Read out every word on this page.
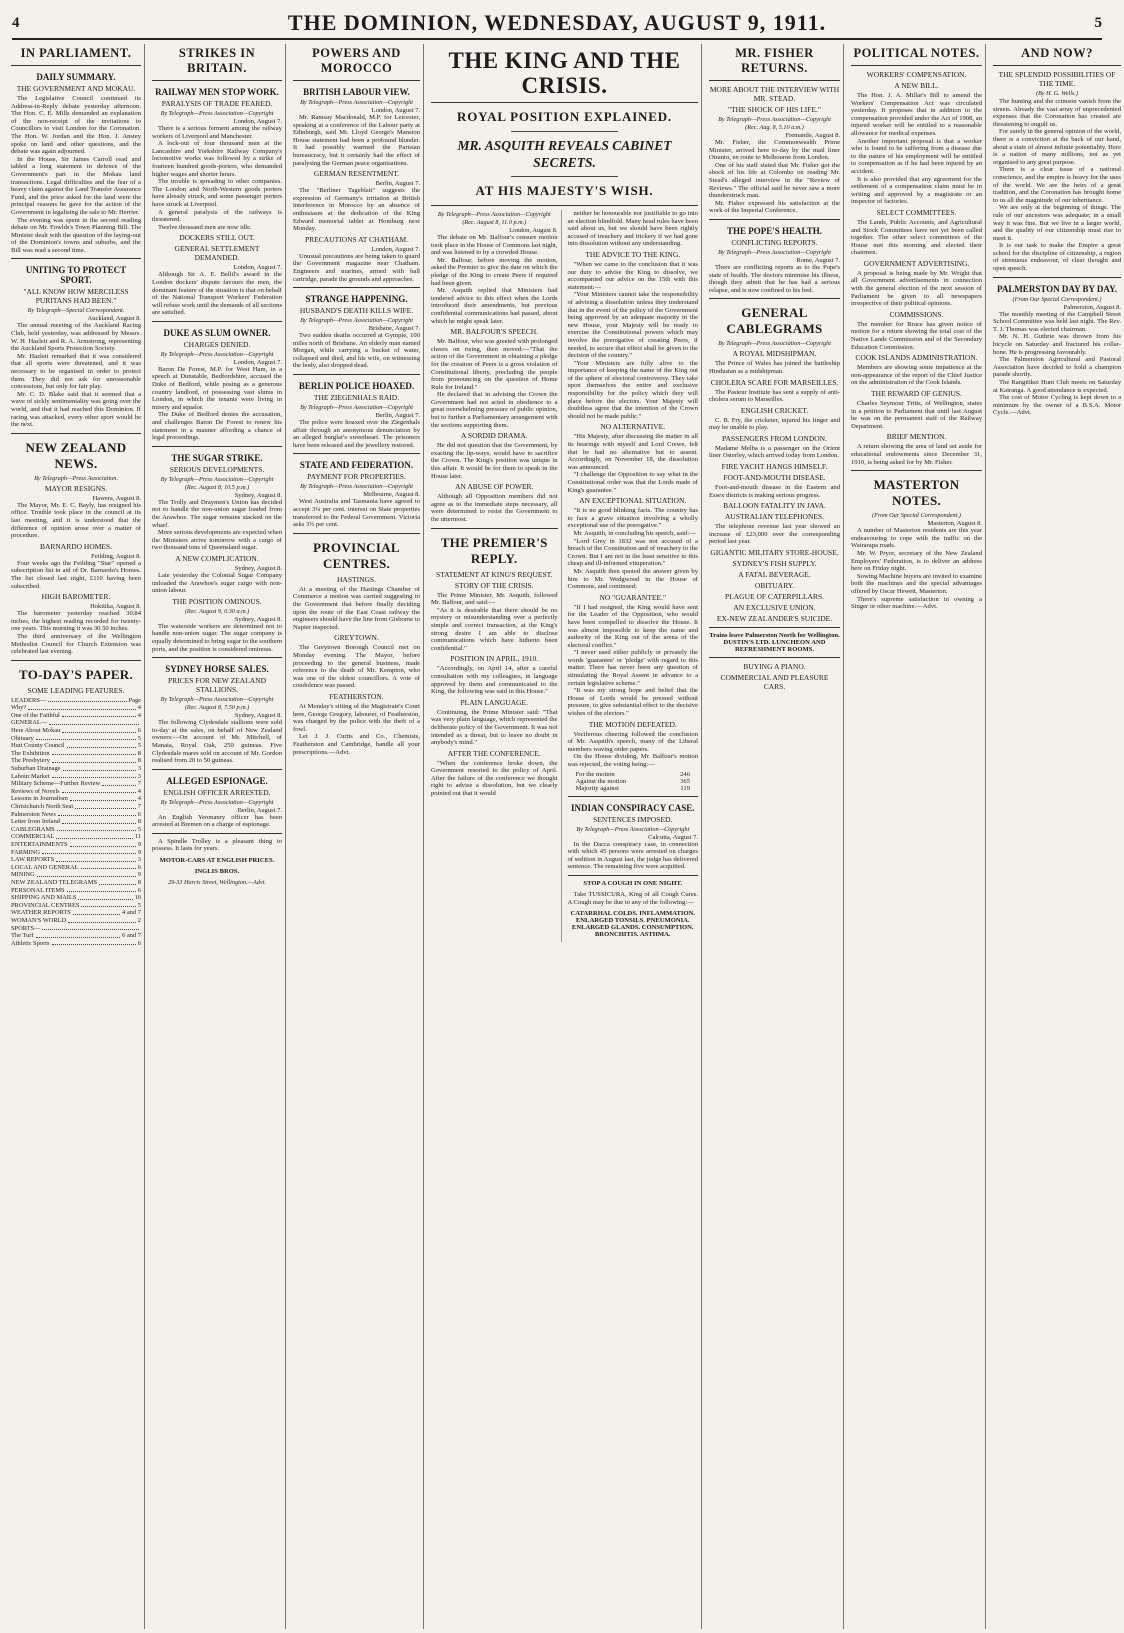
4	THE DOMINION, WEDNESDAY, AUGUST 9, 1911.	5
IN PARLIAMENT.
DAILY SUMMARY.
THE GOVERNMENT AND MOKAU.

The Legislative Council continued its Address-in-Reply debate yesterday afternoon. The Hon. C. E. Mills demanded an explanation of the non-receipt of the invitations to Councillors to visit London for the Coronation. The Hon. W. Jordan and the Hon. J. Anstey spoke on land and other questions, and the debate was again adjourned.

In the House, Sir James Carroll read and tabled a long statement in defence of the Government's part in the Mokau land transactions. Legal difficulties and the fear of a heavy claim against the Land Transfer Assurance Fund, and the price asked for the land were the principal reasons he gave for the action of the Government in legalising the sale to Mr. Herrier.

The evening was spent in the second reading debate on Mr. Fowlds's Town Planning Bill. The Minister dealt with the question of the laying-out of the Dominion's towns and suburbs, and the Bill was read a second time.

UNITING TO PROTECT SPORT.
"ALL KNOW HOW MERCILESS PURITANS HAD BEEN."
By Telegraph—Special Correspondent.
Auckland, August 8.

The annual meeting of the Auckland Racing Club, held yesterday, was addressed by Messrs. W. H. Hazlett and R. A. Armstrong, representing the Auckland Sports Protection Society.

Mr. Hazlett remarked that it was considered that all sports were threatened, and it was necessary to be organised in order to protect them. They did not ask for unreasonable concessions, but only for fair play.

Mr. C. D. Blake said that it seemed that a wave of sickly sentimentality was going over the world, and that it had reached this Dominion. If racing was attacked, every other sport would be the next.

NEW ZEALAND NEWS.
By Telegraph—Press Association.
MAYOR RESIGNS.
Hawera, August 8.

The Mayor, Mr. E. C. Bayly, has resigned his office. Trouble took place in the council at its last meeting, and it is understood that the difference of opinion arose over a matter of procedure.

BARNARDO HOMES.
Feilding, August 8.

Four weeks ago the Feilding "Star" opened a subscription list in aid of Dr. Barnardo's Homes. The list closed last night, £110 having been subscribed.

HIGH BAROMETER.
Hokitika, August 8.

The barometer yesterday reached 30.84 inches, the highest reading recorded for twenty-one years. This morning it was 30.50 inches.

The third anniversary of the Wellington Methodist Council for Church Extension was celebrated last evening.

TO-DAY'S PAPER.
SOME LEADING FEATURES.
LEADERS—	Page
Why?	4
One of the Faithful	4
GENERAL—
Here About Mokau	6
Obituary	5
Hutt County Council	5
The Exhibition	8
The Presbytery	8
Suburban Drainage	3
Labour Market	3
Military Scheme—Further Review	7
Reviews of Novels	4
Lessons in Journalism	4
Christchurch North Seat	7
Palmerston News	6
Letter from Ireland	8
CABLEGRAMS	5
COMMERCIAL	11
ENTERTAINMENTS	9
FARMING	9
LAW REPORTS	3
LOCAL AND GENERAL	6
MINING	9
NEW ZEALAND TELEGRAMS	8
PERSONAL ITEMS	6
SHIPPING AND MAILS	10
PROVINCIAL CENTRES	5
WEATHER REPORTS	4 and 7
WOMAN'S WORLD	2
SPORTS—
The Turf	6 and 7
Athletic Sports	6
STRIKES IN BRITAIN.
RAILWAY MEN STOP WORK.
PARALYSIS OF TRADE FEARED.
By Telegraph—Press Association—Copyright
London, August 7.

There is a serious ferment among the railway workers of Liverpool and Manchester.

A lock-out of four thousand men at the Lancashire and Yorkshire Railway Company's locomotive works was followed by a strike of fourteen hundred goods-porters, who demanded higher wages and shorter hours.

The trouble is spreading to other companies. The London and North-Western goods porters have already struck, and some passenger porters have struck at Liverpool.

A general paralysis of the railways is threatened.

Twelve thousand men are now idle.

DOCKERS STILL OUT.
GENERAL SETTLEMENT DEMANDED.
London, August 7.

Although Sir A. E. Bellil's award in the London dockers' dispute favours the men, the dominant feature of the situation is that on behalf of the National Transport Workers' Federation will refuse work until the demands of all sections are satisfied.

DUKE AS SLUM OWNER.
CHARGES DENIED.
By Telegraph—Press Association—Copyright
London, August 7.

Baron De Forest, M.P. for West Ham, in a speech at Dunstable, Bedfordshire, accused the Duke of Bedford, while posing as a generous country landlord, of possessing vast slums in London, in which the tenants were living in misery and squalor.

The Duke of Bedford denies the accusation, and challenges Baron De Forest to renew his statement in a manner affording a chance of legal proceedings.

THE SUGAR STRIKE.
SERIOUS DEVELOPMENTS.
By Telegraph—Press Association—Copyright
(Rec. August 8, 10.5 p.m.)
Sydney, August 8.

The Trolly and Draymen's Union has decided not to handle the non-union sugar loaded from the Arawhoe. The sugar remains stacked on the wharf.

More serious developments are expected when the Ministers arrive tomorrow with a cargo of two thousand tons of Queensland sugar.

A NEW COMPLICATION.
Sydney, August 8.

Late yesterday the Colonial Sugar Company unloaded the Arawhoe's sugar cargo with non-union labour.

THE POSITION OMINOUS.
(Rec. August 9, 0.30 a.m.)
Sydney, August 8.

The waterside workers are determined not to handle non-union sugar. The sugar company is equally determined to bring sugar to the southern ports, and the position is considered ominous.

SYDNEY HORSE SALES.
PRICES FOR NEW ZEALAND STALLIONS.
By Telegraph—Press Association—Copyright
(Rec. August 8, 7.50 p.m.)
Sydney, August 8.

The following Clydesdale stallions were sold to-day at the sales, on behalf of New Zealand owners:—On account of Mr. Mitchell, of Manaia, Royal Oak, 250 guineas. Five Clydesdale mares sold on account of Mr. Gordon realised from 20 to 50 guineas.

ALLEGED ESPIONAGE.
ENGLISH OFFICER ARRESTED.
By Telegraph—Press Association—Copyright
Berlin, August 7.

An English Yeomanry officer has been arrested at Bremen on a charge of espionage.

A Spindle Trolley is a pleasant thing to possess. It lasts for years.

MOTOR-CARS AT ENGLISH PRICES.
INGLIS BROS.
29-33 Harris Street, Wellington.—Advt.
POWERS AND MOROCCO
BRITISH LABOUR VIEW.
By Telegraph—Press Association—Copyright
London, August 7.

Mr. Ramsay Macdonald, M.P. for Leicester, speaking at a conference of the Labour party at Edinburgh, said Mr. Lloyd George's Mansion House statement had been a profound blunder. It had possibly warmed the Parisian bureaucracy, but it certainly had the effect of paralysing the German peace organisations.

GERMAN RESENTMENT.
Berlin, August 7.

The "Berliner Tageblatt" suggests the expression of Germany's irritation at British interference in Morocco by an absence of enthusiasm at the dedication of the King Edward memorial tablet at Homburg next Monday.

PRECAUTIONS AT CHATHAM.
London, August 7.

Unusual precautions are being taken to guard the Government magazine near Chatham. Engineers and marines, armed with ball cartridge, parade the grounds and approaches.

STRANGE HAPPENING.
HUSBAND'S DEATH KILLS WIFE.
By Telegraph—Press Association—Copyright
Brisbane, August 7.

Two sudden deaths occurred at Gympie, 100 miles north of Brisbane. An elderly man named Morgan, while carrying a bucket of water, collapsed and died, and his wife, on witnessing the body, also dropped dead.

BERLIN POLICE HOAXED.
THE ZIEGENHALS RAID.
By Telegraph—Press Association—Copyright
Berlin, August 7.

The police were hoaxed over the Ziegenhals affair through an anonymous denunciation by an alleged burglar's sweetheart. The prisoners have been released and the jewellery restored.

STATE AND FEDERATION.
PAYMENT FOR PROPERTIES.
By Telegraph—Press Association—Copyright
Melbourne, August 8.

West Australia and Tasmania have agreed to accept 3¼ per cent. interest on State properties transferred to the Federal Government. Victoria asks 3½ per cent.

PROVINCIAL CENTRES.
HASTINGS.

At a meeting of the Hastings Chamber of Commerce a motion was carried suggesting to the Government that before finally deciding upon the route of the East Coast railway the engineers should have the line from Gisborne to Napier inspected.

GREYTOWN.

The Greytown Borough Council met on Monday evening. The Mayor, before proceeding to the general business, made reference to the death of Mr. Kempton, who was one of the oldest councillors. A vote of condolence was passed.

FEATHERSTON.

At Monday's sitting of the Magistrate's Court here, George Gregory, labourer, of Featherston, was charged by the police with the theft of a fowl.

Let J. J. Curtis and Co., Chemists, Featherston and Cambridge, handle all your prescriptions.—Advt.

THE KING AND THE CRISIS.
ROYAL POSITION EXPLAINED.
MR. ASQUITH REVEALS CABINET SECRETS.
AT HIS MAJESTY'S WISH.
By Telegraph—Press Association—Copyright
(Rec. August 8, 11.0 p.m.)
London, August 8.

The debate on Mr. Balfour's censure motion took place in the House of Commons last night, and was listened to by a crowded House.

Mr. Balfour, before moving the motion, asked the Premier to give the date on which the pledge of the King to create Peers if required had been given.

Mr. Asquith replied that Ministers had tendered advice to this effect when the Lords introduced their amendments, but previous confidential communications had passed, about which he might speak later.

MR. BALFOUR'S SPEECH.

Mr. Balfour, who was greeted with prolonged cheers on rising, then moved:—"That the action of the Government in obtaining a pledge for the creation of Peers is a gross violation of Constitutional liberty, precluding the people from pronouncing on the question of Home Rule for Ireland."

He declared that in advising the Crown the Government had not acted in obedience to a great overwhelming pressure of public opinion, but to further a Parliamentary arrangement with the sections supporting them.

A SORDID DRAMA.

He did not question that the Government, by exacting the lip-ways, would have to sacrifice the Crown. The King's position was unique in this affair. It would be for them to speak in the House later.

AN ABUSE OF POWER.

Although all Opposition members did not agree as to the immediate steps necessary, all were determined to resist the Government to the uttermost.

THE PREMIER'S REPLY.
STATEMENT AT KING'S REQUEST.
STORY OF THE CRISIS.

The Prime Minister, Mr. Asquith, followed Mr. Balfour, and said:—

"As it is desirable that there should be no mystery or misunderstanding over a perfectly simple and correct transaction, at the King's strong desire I am able to disclose communications which have hitherto been confidential."

POSITION IN APRIL, 1910.

"Accordingly, on April 14, after a careful consultation with my colleagues, in language approved by them and communicated to the King, the following was said in this House."

PLAIN LANGUAGE.

Continuing, the Prime Minister said: "That was very plain language, which represented the deliberate policy of the Government. It was not intended as a threat, but to leave no doubt in anybody's mind."

AFTER THE CONFERENCE.

"When the conference broke down, the Government resorted to the policy of April. After the failure of the conference we thought right to advise a dissolution, but we clearly pointed out that it would

neither be honourable nor justifiable to go into an election blindfold. Many head rules have been said about us, but we should have been rightly accused of treachery and trickery if we had gone into dissolution without any understanding.

THE ADVICE TO THE KING.

"When we came to the conclusion that it was our duty to advise the King to dissolve, we accompanied our advice on the 15th with this statement:—

"Your Ministers cannot take the responsibility of advising a dissolution unless they understand that in the event of the policy of the Government being approved by an adequate majority in the new House, your Majesty will be ready to exercise the Constitutional powers which may involve the prerogative of creating Peers, if needed, to secure that effect shall be given to the decision of the country."

"Your Ministers are fully alive to the importance of keeping the name of the King out of the sphere of electoral controversy. They take upon themselves the entire and exclusive responsibility for the policy which they will place before the electors. Your Majesty will doubtless agree that the intention of the Crown should not be made public."

NO ALTERNATIVE.

"His Majesty, after discussing the matter in all its bearings with myself and Lord Crewe, felt that he had no alternative but to assent. Accordingly, on November 18, the dissolution was announced.

"I challenge the Opposition to say what in the Constitutional order was that the Lords made of King's guarantee."

AN EXCEPTIONAL SITUATION.

"It is no good blinking facts. The country has to face a grave situation involving a wholly exceptional use of the prerogative."

Mr. Asquith, in concluding his speech, said:—

"Lord Grey in 1832 was not accused of a breach of the Constitution and of treachery to the Crown. But I am not in the least sensitive to this cheap and ill-informed vituperation."

Mr. Asquith then quoted the answer given by him to Mr. Wedgwood in the House of Commons, and continued:

NO "GUARANTEE."

"If I had resigned, the King would have sent for the Leader of the Opposition, who would have been compelled to dissolve the House. It was almost impossible to keep the name and authority of the King out of the arena of the electoral conflict."

"I never used either publicly or privately the words 'guarantee' or 'pledge' with regard to this matter. There has never been any question of stimulating the Royal Assent in advance to a certain legislative scheme."

"It was my strong hope and belief that the House of Lords would be pressed without pressure, to give substantial effect to the decisive wishes of the electors."

THE MOTION DEFEATED.

Vociferous cheering followed the conclusion of Mr. Asquith's speech, many of the Liberal members waving order papers.

On the House dividing, Mr. Balfour's motion was rejected, the voting being:—

For the motion	246
Against the motion	365
Majority against	119
INDIAN CONSPIRACY CASE.
SENTENCES IMPOSED.
By Telegraph—Press Association—Copyright
Calcutta, August 7.

In the Dacca conspiracy case, in connection with which 45 persons were arrested on charges of sedition in August last, the judge has delivered sentence. The remaining five were acquitted.

STOP A COUGH IN ONE NIGHT.

Take TUSSICURA, King of all Cough Cures. A Cough may be due to any of the following:—

CATARRHAL COLDS. INFLAMMATION. ENLARGED TONSILS. PNEUMONIA. ENLARGED GLANDS. CONSUMPTION. BRONCHITIS. ASTHMA.
MR. FISHER RETURNS.
MORE ABOUT THE INTERVIEW WITH MR. STEAD.
"THE SHOCK OF HIS LIFE."
By Telegraph—Press Association—Copyright
(Rec. Aug. 8, 5.10 a.m.)
Fremantle, August 8.

Mr. Fisher, the Commonwealth Prime Minister, arrived here to-day by the mail liner Otranto, en route to Melbourne from London.

One of his staff stated that Mr. Fisher got the shock of his life at Colombo on reading Mr. Stead's alleged interview in the "Review of Reviews." The official said he never saw a more thunderstruck man.

Mr. Fisher expressed his satisfaction at the work of the Imperial Conference.

THE POPE'S HEALTH.
CONFLICTING REPORTS.
By Telegraph—Press Association—Copyright
Rome, August 7.

There are conflicting reports as to the Pope's state of health. The doctors minimise his illness, though they admit that he has had a serious relapse, and is now confined to his bed.

GENERAL CABLEGRAMS
By Telegraph—Press Association—Copyright
A ROYAL MIDSHIPMAN.

The Prince of Wales has joined the battleship Hindustan as a midshipman.

CHOLERA SCARE FOR MARSEILLES.

The Pasteur Institute has sent a supply of anti-cholera serum to Marseilles.

ENGLISH CRICKET.

C. B. Fry, the cricketer, injured his finger and may be unable to play.

PASSENGERS FROM LONDON.

Madame Melba is a passenger on the Orient liner Osterley, which arrived today from London.

FIRE YACHT HANGS HIMSELF.
FOOT-AND-MOUTH DISEASE.

Foot-and-mouth disease in the Eastern and Essex districts is making serious progress.

BALLOON FATALITY IN JAVA.
AUSTRALIAN TELEPHONES.

The telephone revenue last year showed an increase of £23,000 over the corresponding period last year.

GIGANTIC MILITARY STORE-HOUSE.
SYDNEY'S FISH SUPPLY.
A FATAL BEVERAGE.
OBITUARY.
PLAGUE OF CATERPILLARS.
AN EXCLUSIVE UNION.
EX-NEW ZEALANDER'S SUICIDE.
Trains leave Palmerston North for Wellington. DUSTIN'S LTD. LUNCHEON AND REFRESHMENT ROOMS.
BUYING A PIANO.
COMMERCIAL AND PLEASURE CARS.
POLITICAL NOTES.
WORKERS' COMPENSATION.
A NEW BILL.

The Hon. J. A. Millar's Bill to amend the Workers' Compensation Act was circulated yesterday. It proposes that in addition to the compensation provided under the Act of 1908, an injured worker will be entitled to a reasonable allowance for medical expenses.

Another important proposal is that a worker who is found to be suffering from a disease due to the nature of his employment will be entitled to compensation as if he had been injured by an accident.

It is also provided that any agreement for the settlement of a compensation claim must be in writing and approved by a magistrate or an inspector of factories.

SELECT COMMITTEES.

The Lands, Public Accounts, and Agricultural and Stock Committees have not yet been called together. The other select committees of the House met this morning and elected their chairmen.

GOVERNMENT ADVERTISING.

A proposal is being made by Mr. Wright that all Government advertisements in connection with the general election of the next session of Parliament be given to all newspapers irrespective of their political opinions.

COMMISSIONS.

The member for Bruce has given notice of motion for a return showing the total cost of the Native Lands Commission and of the Secondary Education Commission.

COOK ISLANDS ADMINISTRATION.

Members are showing some impatience at the non-appearance of the report of the Chief Justice on the administration of the Cook Islands.

THE REWARD OF GENIUS.

Charles Seymour Tritts, of Wellington, states in a petition to Parliament that until last August he was on the permanent staff of the Railway Department.

BRIEF MENTION.

A return showing the area of land set aside for educational endowments since December 31, 1910, is being asked for by Mr. Fisher.

MASTERTON NOTES.
(From Our Special Correspondent.)
Masterton, August 8.

A number of Masterton residents are this year endeavouring to cope with the traffic on the Wairarapa roads.

Mr. W. Pryor, secretary of the New Zealand Employers' Federation, is to deliver an address here on Friday night.

Sowing Machine buyers are invited to examine both the machines and the special advantages offered by Oscar Hewett, Masterton.

There's supreme satisfaction in owning a Singer or other machine.—Advt.

AND NOW?
THE SPLENDID POSSIBILITIES OF THE TIME.
(By H. G. Wells.)

The hunting and the crimson vanish from the streets. Already the vast array of unprecedented expenses that the Coronation has created are threatening to engulf us.

For surely in the general opinion of the world, there is a conviction at the back of our hand, about a state of almost infinite potentiality. Here is a nation of many millions, not as yet organised to any great purpose.

There is a clear issue of a national conscience, and the empire is heavy for the uses of the world. We are the heirs of a great tradition, and the Coronation has brought home to us all the magnitude of our inheritance.

We are only at the beginning of things. The rule of our ancestors was adequate; in a small way it was fine. But we live in a larger world, and the quality of our citizenship must rise to meet it.

It is our task to make the Empire a great school for the discipline of citizenship, a region of strenuous endeavour, of clear thought and open speech.

PALMERSTON DAY BY DAY.
(From Our Special Correspondent.)
Palmerston, August 8.

The monthly meeting of the Campbell Street School Committee was held last night. The Rev. T. J. Thomas was elected chairman.

Mr. N. H. Guthrie was thrown from his bicycle on Saturday and fractured his collar-bone. He is progressing favourably.

The Palmerston Agricultural and Pastoral Association have decided to hold a champion parade shortly.

The Rangitikei Hunt Club meets on Saturday at Kairanga. A good attendance is expected.

The cost of Motor Cycling is kept down to a minimum by the owner of a B.S.A. Motor Cycle.—Advt.
